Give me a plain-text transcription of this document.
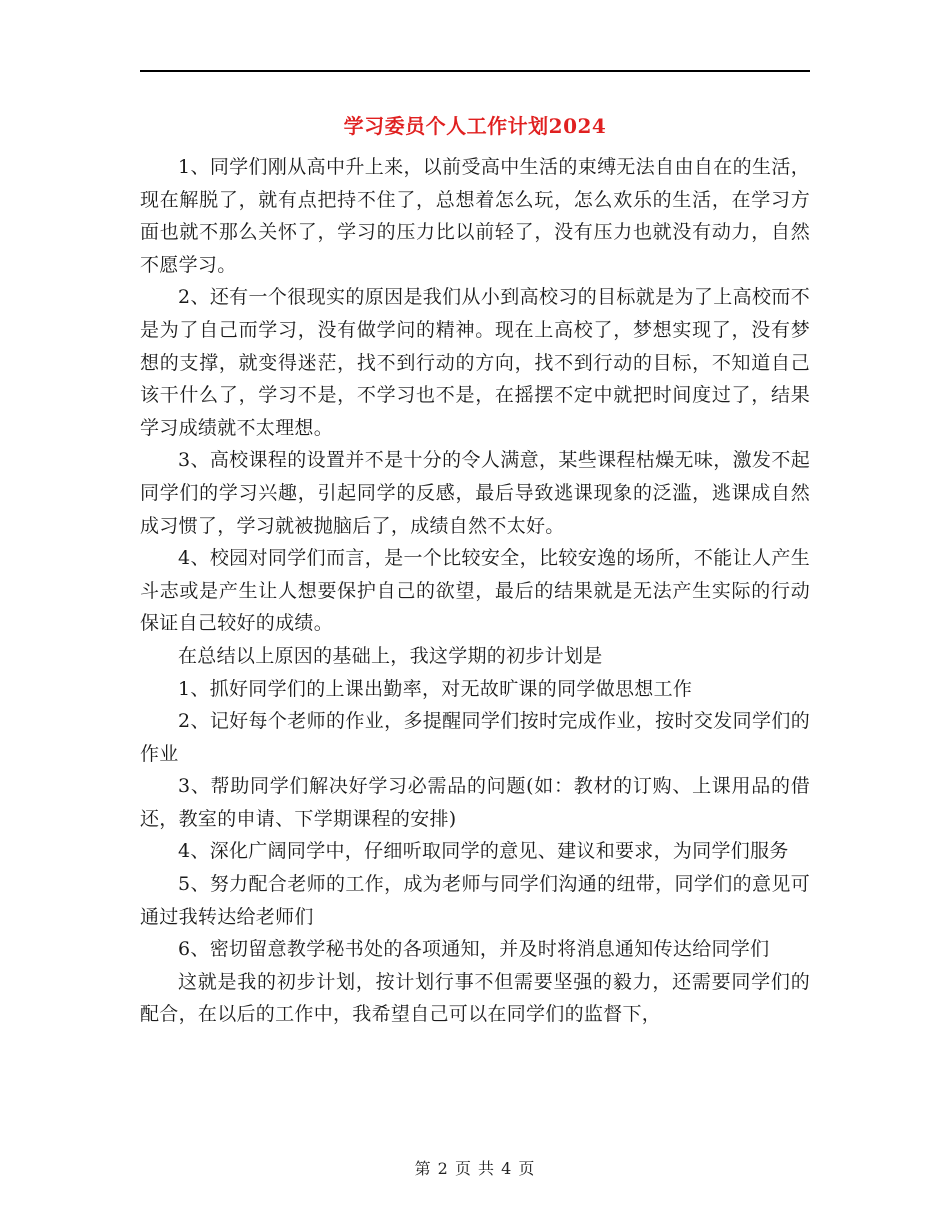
学习委员个人工作计划2024

1、同学们刚从高中升上来，以前受高中生活的束缚无法自由自在的生活，现在解脱了，就有点把持不住了，总想着怎么玩，怎么欢乐的生活，在学习方面也就不那么关怀了，学习的压力比以前轻了，没有压力也就没有动力，自然不愿学习。

2、还有一个很现实的原因是我们从小到高校习的目标就是为了上高校而不是为了自己而学习，没有做学问的精神。现在上高校了，梦想实现了，没有梦想的支撑，就变得迷茫，找不到行动的方向，找不到行动的目标，不知道自己该干什么了，学习不是，不学习也不是，在摇摆不定中就把时间度过了，结果学习成绩就不太理想。

3、高校课程的设置并不是十分的令人满意，某些课程枯燥无味，激发不起同学们的学习兴趣，引起同学的反感，最后导致逃课现象的泛滥，逃课成自然成习惯了，学习就被抛脑后了，成绩自然不太好。

4、校园对同学们而言，是一个比较安全，比较安逸的场所，不能让人产生斗志或是产生让人想要保护自己的欲望，最后的结果就是无法产生实际的行动保证自己较好的成绩。

在总结以上原因的基础上，我这学期的初步计划是

1、抓好同学们的上课出勤率，对无故旷课的同学做思想工作

2、记好每个老师的作业，多提醒同学们按时完成作业，按时交发同学们的作业

3、帮助同学们解决好学习必需品的问题(如：教材的订购、上课用品的借还，教室的申请、下学期课程的安排)

4、深化广阔同学中，仔细听取同学的意见、建议和要求，为同学们服务

5、努力配合老师的工作，成为老师与同学们沟通的纽带，同学们的意见可通过我转达给老师们

6、密切留意教学秘书处的各项通知，并及时将消息通知传达给同学们

这就是我的初步计划，按计划行事不但需要坚强的毅力，还需要同学们的配合，在以后的工作中，我希望自己可以在同学们的监督下，

第 2 页 共 4 页
